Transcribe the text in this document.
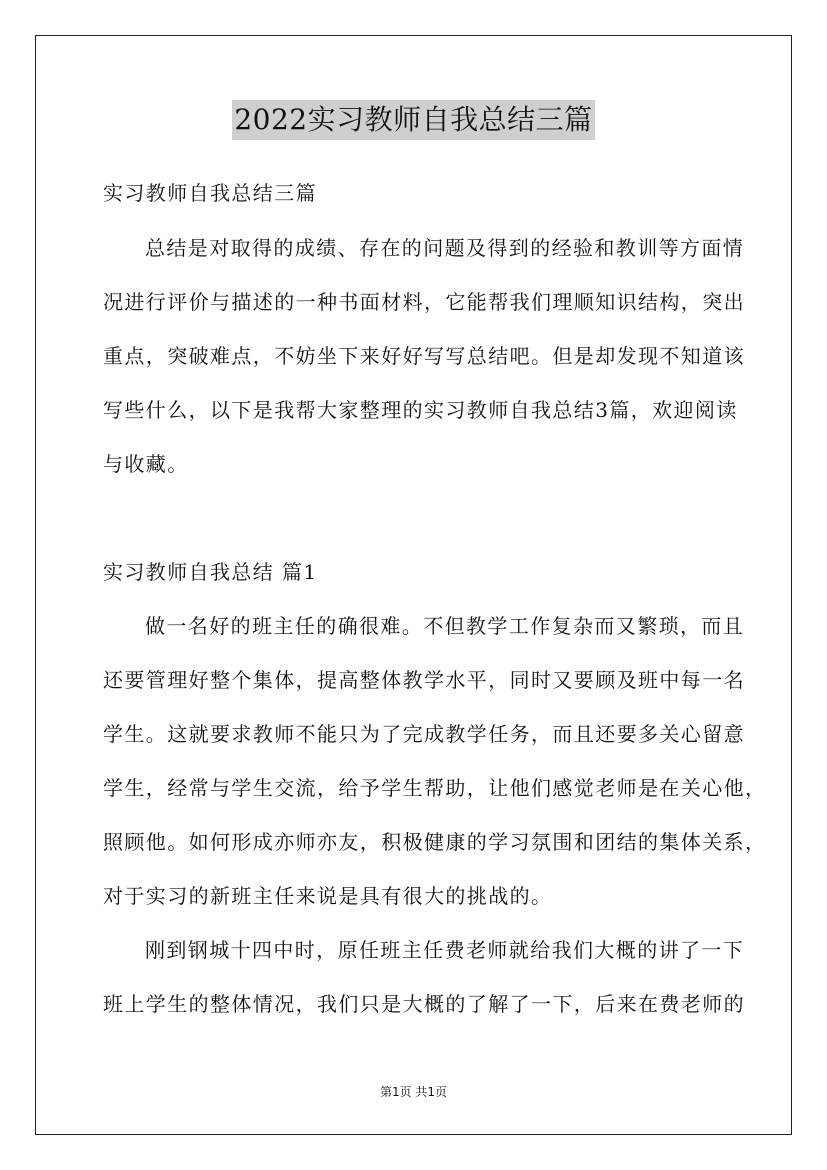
2022实习教师自我总结三篇
实习教师自我总结三篇
总结是对取得的成绩、存在的问题及得到的经验和教训等方面情
况进行评价与描述的一种书面材料，它能帮我们理顺知识结构，突出
重点，突破难点，不妨坐下来好好写写总结吧。但是却发现不知道该
写些什么，以下是我帮大家整理的实习教师自我总结3篇，欢迎阅读
与收藏。
实习教师自我总结 篇1
做一名好的班主任的确很难。不但教学工作复杂而又繁琐，而且
还要管理好整个集体，提高整体教学水平，同时又要顾及班中每一名
学生。这就要求教师不能只为了完成教学任务，而且还要多关心留意
学生，经常与学生交流，给予学生帮助，让他们感觉老师是在关心他，
照顾他。如何形成亦师亦友，积极健康的学习氛围和团结的集体关系，
对于实习的新班主任来说是具有很大的挑战的。
刚到钢城十四中时，原任班主任费老师就给我们大概的讲了一下
班上学生的整体情况，我们只是大概的了解了一下，后来在费老师的
第1页 共1页
